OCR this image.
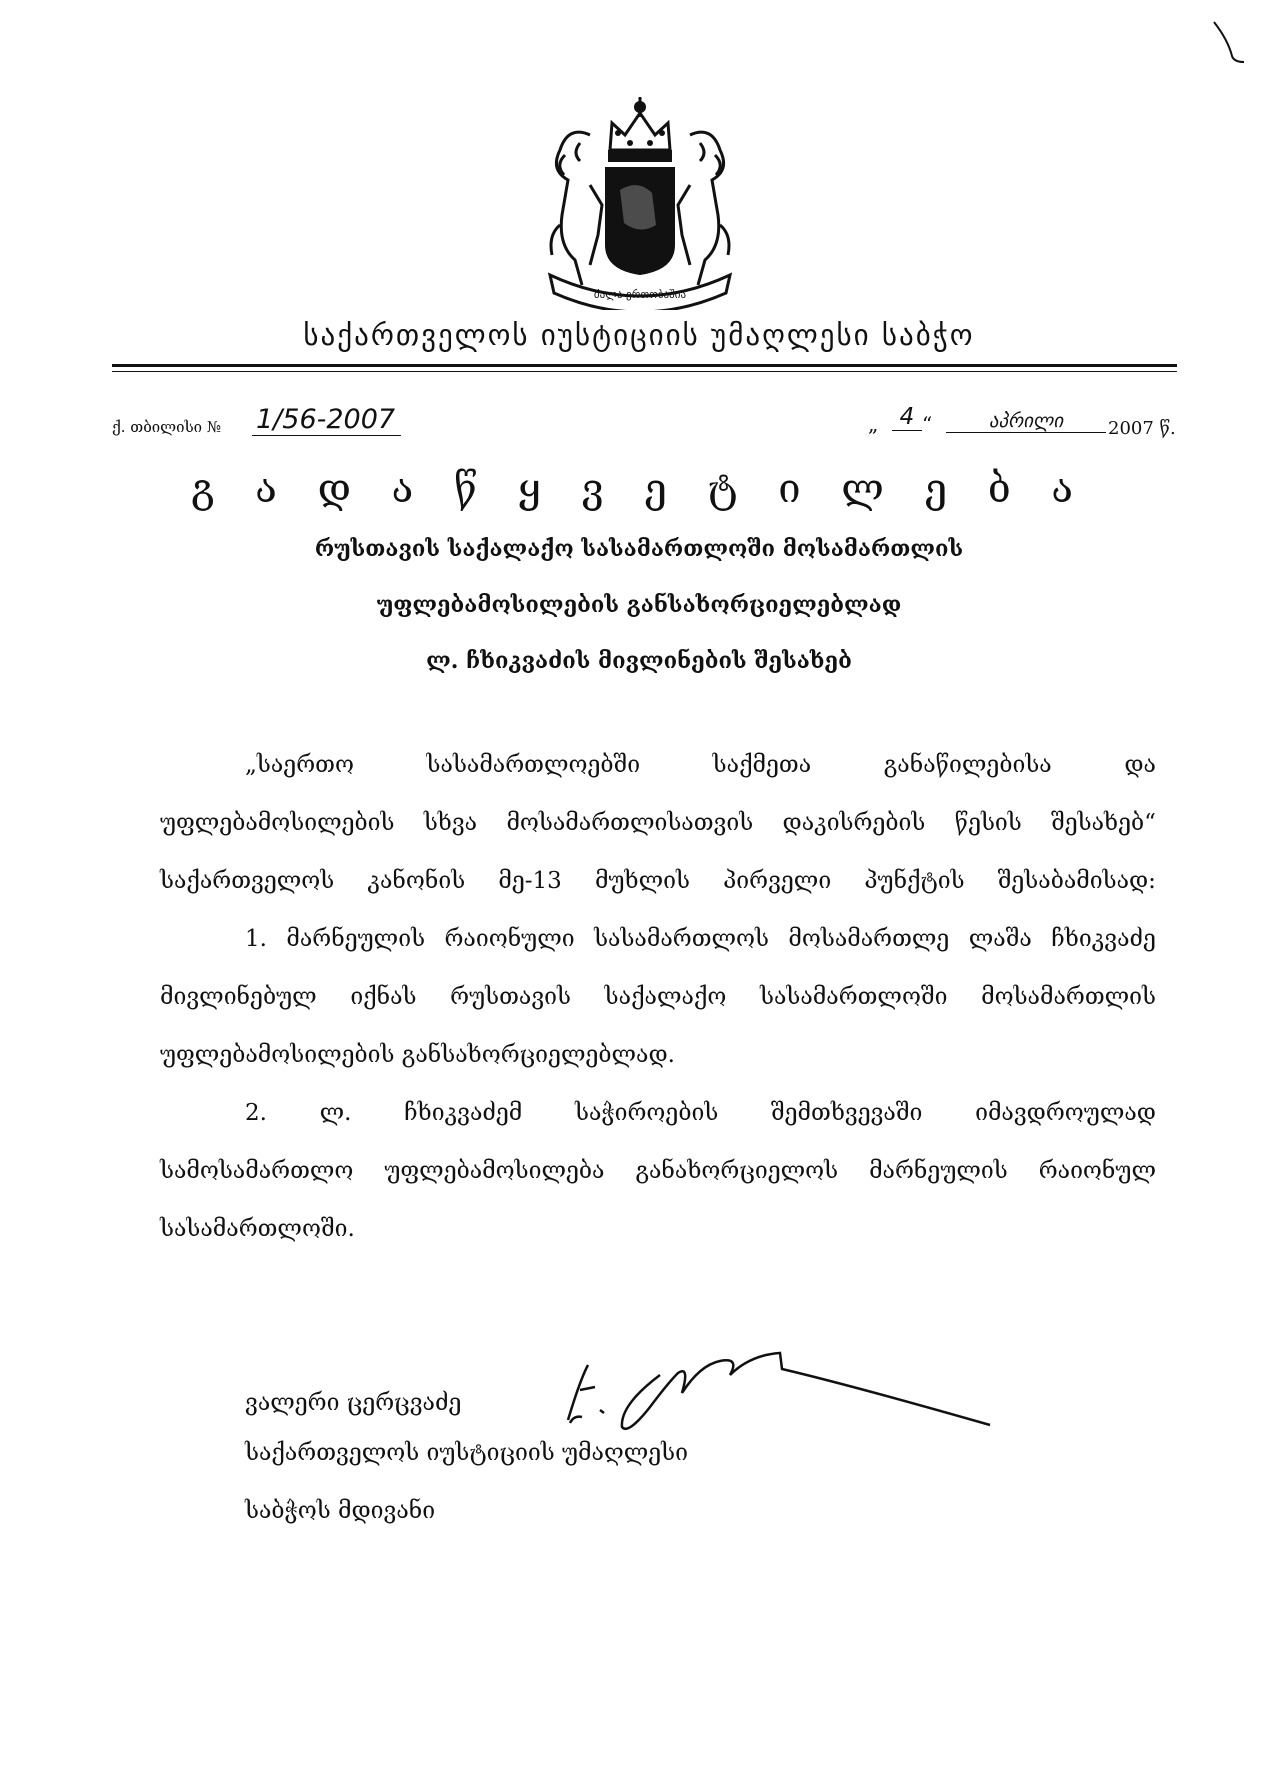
ძალა ერთობაშია
საქართველოს იუსტიციის უმაღლესი საბჭო
ქ. თბილისი № 1/56-2007	„ 4 “	აპრილი	2007 წ.
გ ა დ ა წ ყ ვ ე ტ ი ლ ე ბ ა
რუსთავის საქალაქო სასამართლოში მოსამართლის
უფლებამოსილების განსახორციელებლად
ლ. ჩხიკვაძის მივლინების შესახებ
„საერთო	სასამართლოებში	საქმეთა	განაწილებისა	და
უფლებამოსილების სხვა მოსამართლისათვის დაკისრების წესის შესახებ“
საქართველოს კანონის მე-13 მუხლის პირველი პუნქტის შესაბამისად:
1. მარნეულის რაიონული სასამართლოს მოსამართლე ლაშა ჩხიკვაძე
მივლინებულ იქნას რუსთავის საქალაქო სასამართლოში მოსამართლის
უფლებამოსილების განსახორციელებლად.
2. ლ. ჩხიკვაძემ საჭიროების შემთხვევაში იმავდროულად
სამოსამართლო უფლებამოსილება განახორციელოს მარნეულის რაიონულ
სასამართლოში.
ვალერი ცერცვაძე
საქართველოს იუსტიციის უმაღლესი
საბჭოს მდივანი
